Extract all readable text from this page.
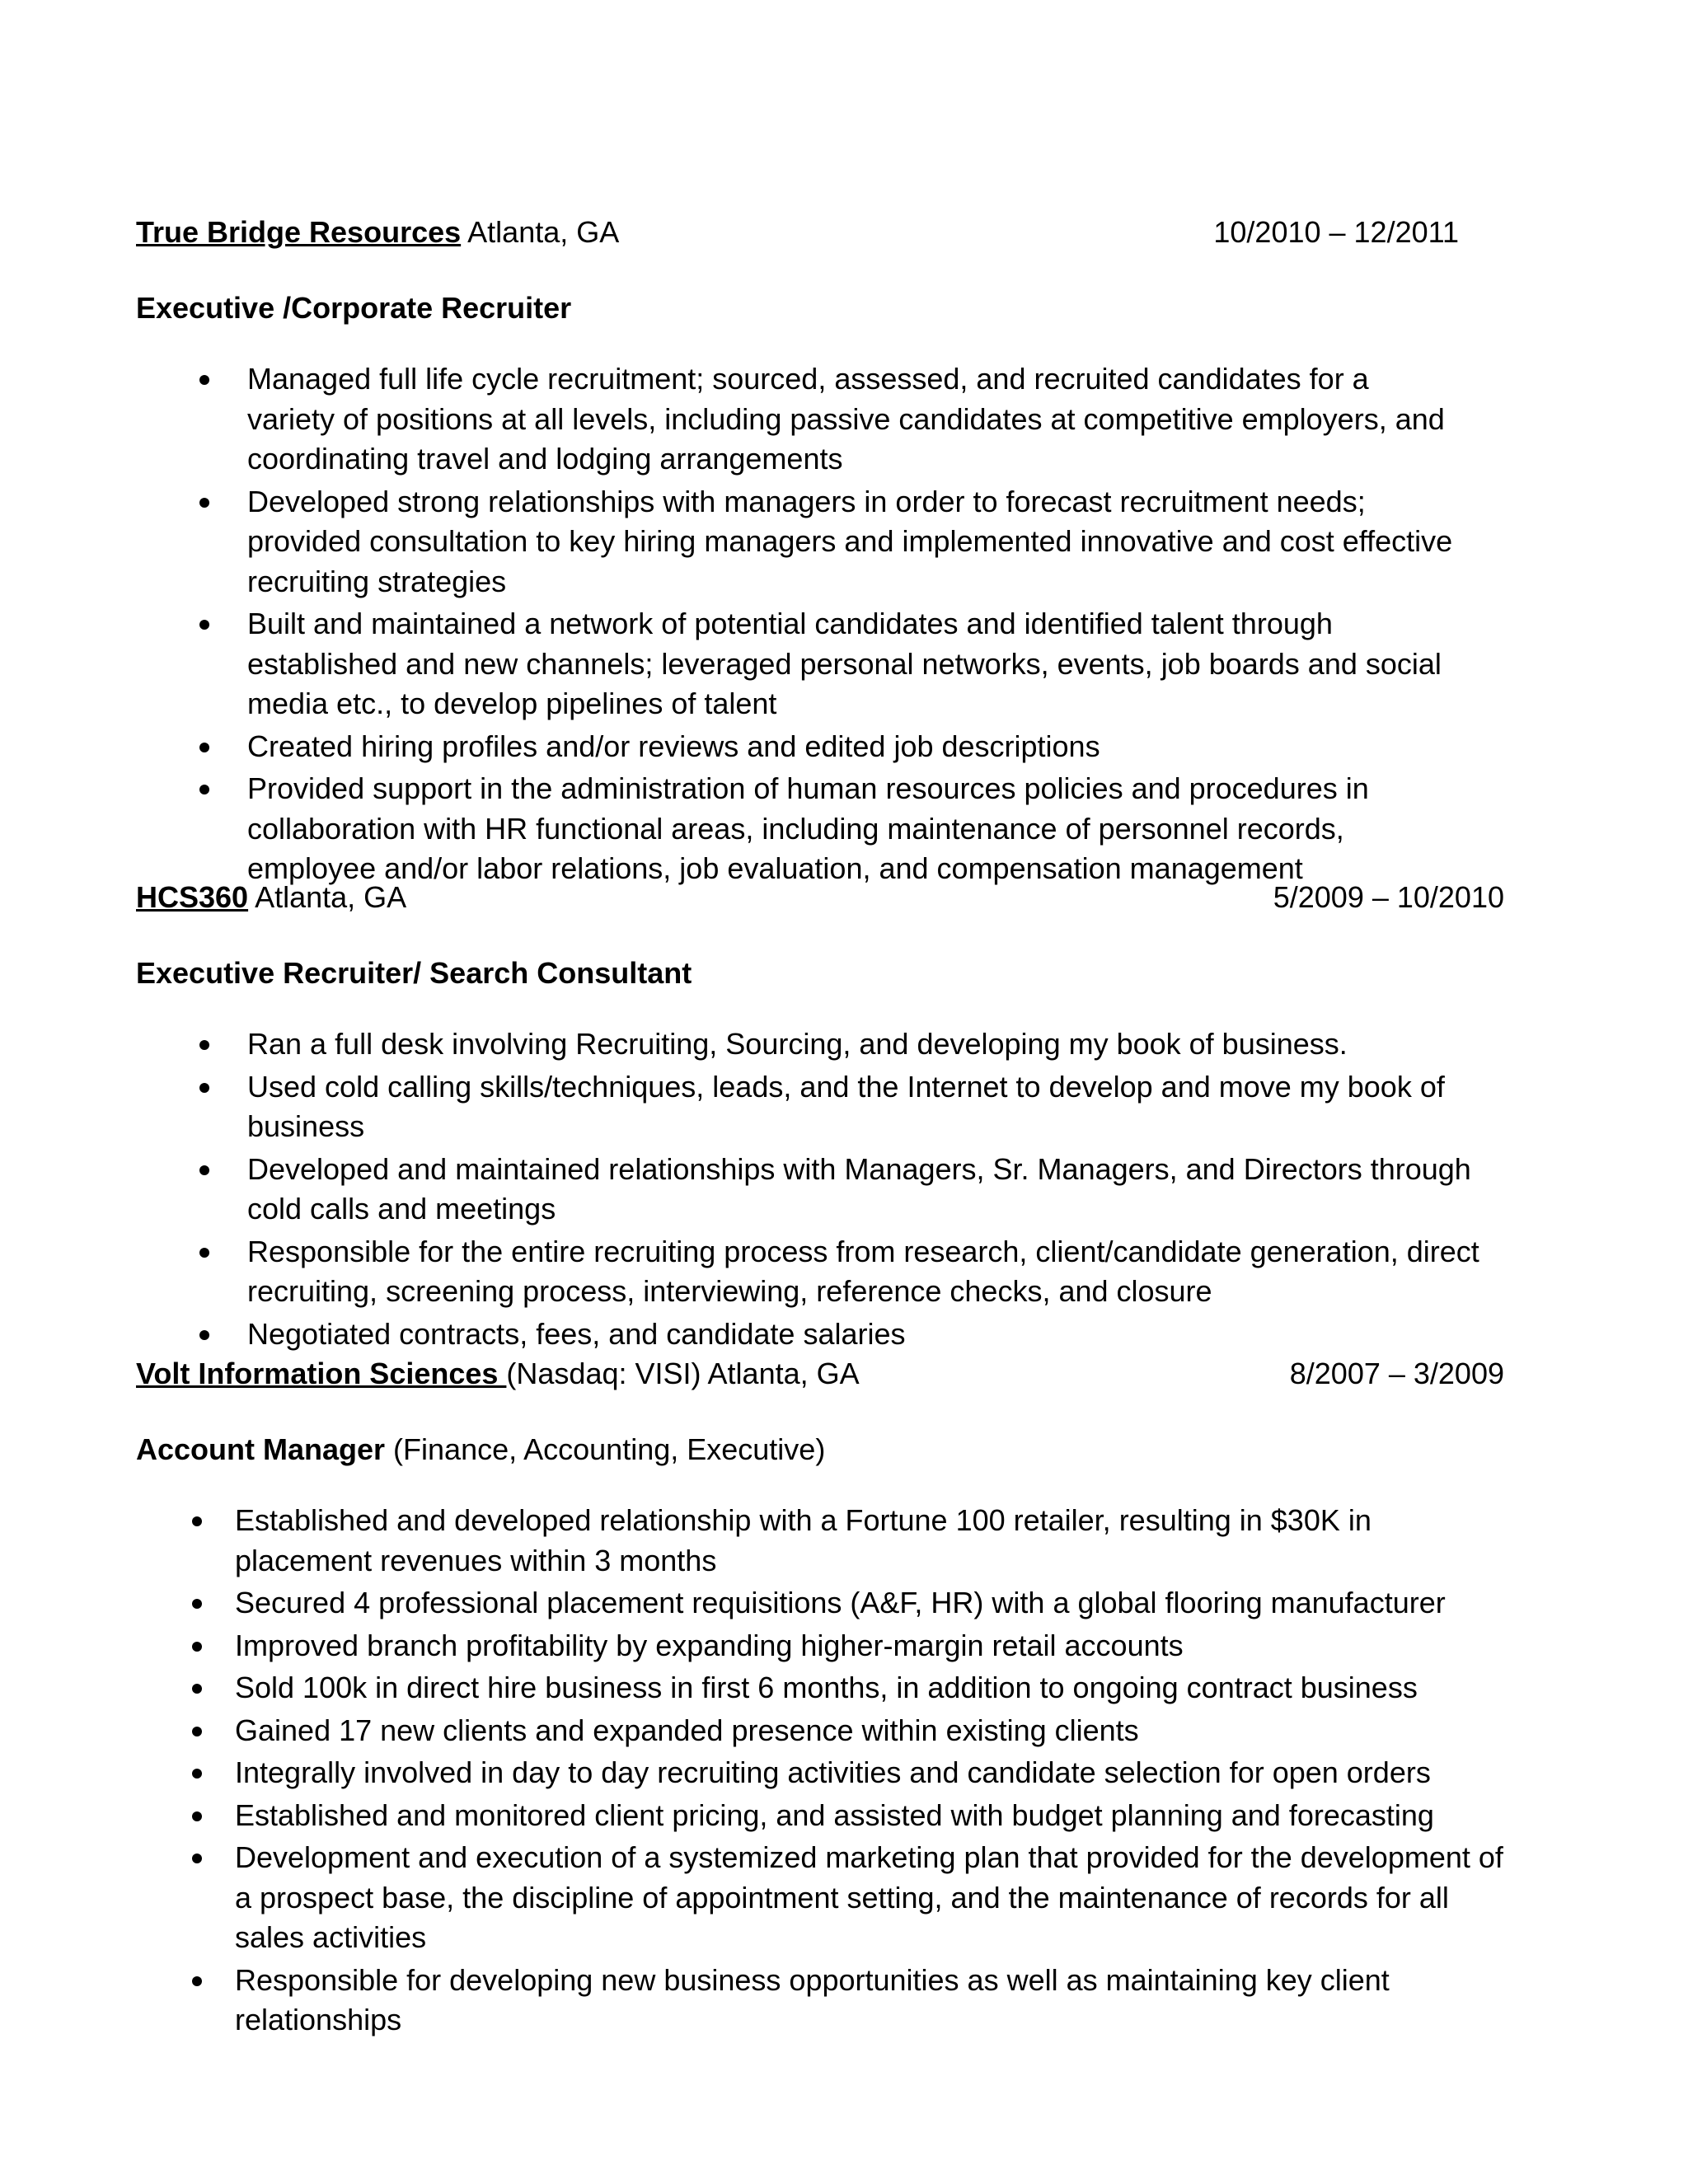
True Bridge Resources Atlanta, GA	10/2010 – 12/2011
Executive /Corporate Recruiter
Managed full life cycle recruitment; sourced, assessed, and recruited candidates for a variety of positions at all levels, including passive candidates at competitive employers, and coordinating travel and lodging arrangements
Developed strong relationships with managers in order to forecast recruitment needs; provided consultation to key hiring managers and implemented innovative and cost effective recruiting strategies
Built and maintained a network of potential candidates and identified talent through established and new channels; leveraged personal networks, events, job boards and social media etc., to develop pipelines of talent
Created hiring profiles and/or reviews and edited job descriptions
Provided support in the administration of human resources policies and procedures in collaboration with HR functional areas, including maintenance of personnel records, employee and/or labor relations, job evaluation, and compensation management
HCS360 Atlanta, GA	5/2009 – 10/2010
Executive Recruiter/ Search Consultant
Ran a full desk involving Recruiting, Sourcing, and developing my book of business.
Used cold calling skills/techniques, leads, and the Internet to develop and move my book of business
Developed and maintained relationships with Managers, Sr. Managers, and Directors through cold calls and meetings
Responsible for the entire recruiting process from research, client/candidate generation, direct recruiting, screening process, interviewing, reference checks, and closure
Negotiated contracts, fees, and candidate salaries
Volt Information Sciences (Nasdaq: VISI) Atlanta, GA	8/2007 – 3/2009
Account Manager (Finance, Accounting, Executive)
Established and developed relationship with a Fortune 100 retailer, resulting in $30K in placement revenues within 3 months
Secured 4 professional placement requisitions (A&F, HR) with a global flooring manufacturer
Improved branch profitability by expanding higher-margin retail accounts
Sold 100k in direct hire business in first 6 months, in addition to ongoing contract business
Gained 17 new clients and expanded presence within existing clients
Integrally involved in day to day recruiting activities and candidate selection for open orders
Established and monitored client pricing, and assisted with budget planning and forecasting
Development and execution of a systemized marketing plan that provided for the development of a prospect base, the discipline of appointment setting, and the maintenance of records for all sales activities
Responsible for developing new business opportunities as well as maintaining key client relationships
